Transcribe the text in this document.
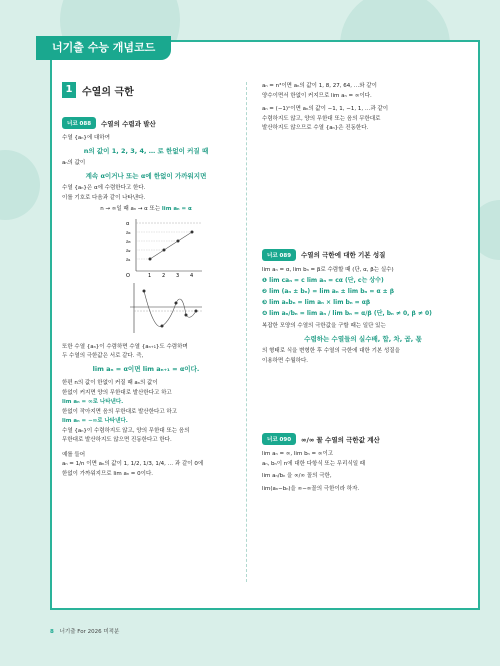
너기출 수능 개념코드
1 수열의 극한
너코 088	수열의 수렴과 발산

수열 {aₙ}에 대하여

n의 값이 1, 2, 3, 4, … 로 한없이 커질 때

aₙ의 값이

계속 α이거나 또는 α에 한없이 가까워지면

수열 {aₙ}은 α에 수렴한다고 한다.

이를 기호로 다음과 같이 나타낸다.

n → ∞일 때 aₙ → α 또는 lim aₙ = α

α
O	1
a₁
2
a₂
3
a₃
4
a₄

또한 수열 {aₙ}이 수렴하면 수열 {aₙ₊₁}도 수렴하며

두 수열의 극한값은 서로 같다. 즉,

lim aₙ = α이면 lim aₙ₊₁ = α이다.

한편 n의 값이 한없이 커질 때 aₙ의 값이

한없이 커지면 양의 무한대로 발산한다고 하고

lim aₙ = ∞로 나타낸다.

한없이 작아지면 음의 무한대로 발산한다고 하고

lim aₙ = −∞로 나타낸다.

수열 {aₙ}이 수렴하지도 않고, 양의 무한대 또는 음의

무한대로 발산하지도 않으면 진동한다고 한다.

예를 들어

aₙ = 1/n 이면 aₙ의 값이 1, 1/2, 1/3, 1/4, … 과 같이 0에

한없이 가까워지므로 lim aₙ = 0이다.

aₙ = n³이면 aₙ의 값이 1, 8, 27, 64, …와 같이

양수이면서 한없이 커지므로 lim aₙ = ∞이다.

aₙ = (−1)ⁿ이면 aₙ의 값이 −1, 1, −1, 1, …과 같이

수렴하지도 않고, 양의 무한대 또는 음의 무한대로

발산하지도 않으므로 수열 {aₙ}은 진동한다.

너코 089	수열의 극한에 대한 기본 성질

lim aₙ = α, lim bₙ = β로 수렴할 때 (단, α, β는 실수)

❶ lim caₙ = c lim aₙ = cα (단, c는 상수)

❷ lim (aₙ ± bₙ) = lim aₙ ± lim bₙ = α ± β

❸ lim aₙbₙ = lim aₙ × lim bₙ = αβ

❹ lim aₙ/bₙ = lim aₙ / lim bₙ = α/β (단, bₙ ≠ 0, β ≠ 0)

복잡한 모양의 수열의 극한값을 구할 때는 일단 있는

수렴하는 수열들의 실수배, 합, 차, 곱, 몫

의 형태로 식을 변형한 후 수열의 극한에 대한 기본 성질을

이용하면 수월하다.

너코 090	∞/∞ 꼴 수열의 극한값 계산

lim aₙ = ∞, lim bₙ = ∞이고

aₙ, bₙ이 n에 대한 다항식 또는 무리식일 때

lim aₙ/bₙ 을 ∞/∞ 꼴의 극한,

lim(aₙ−bₙ)을 ∞−∞꼴의 극한이라 하자.

8 너기출 For 2026 미적분
